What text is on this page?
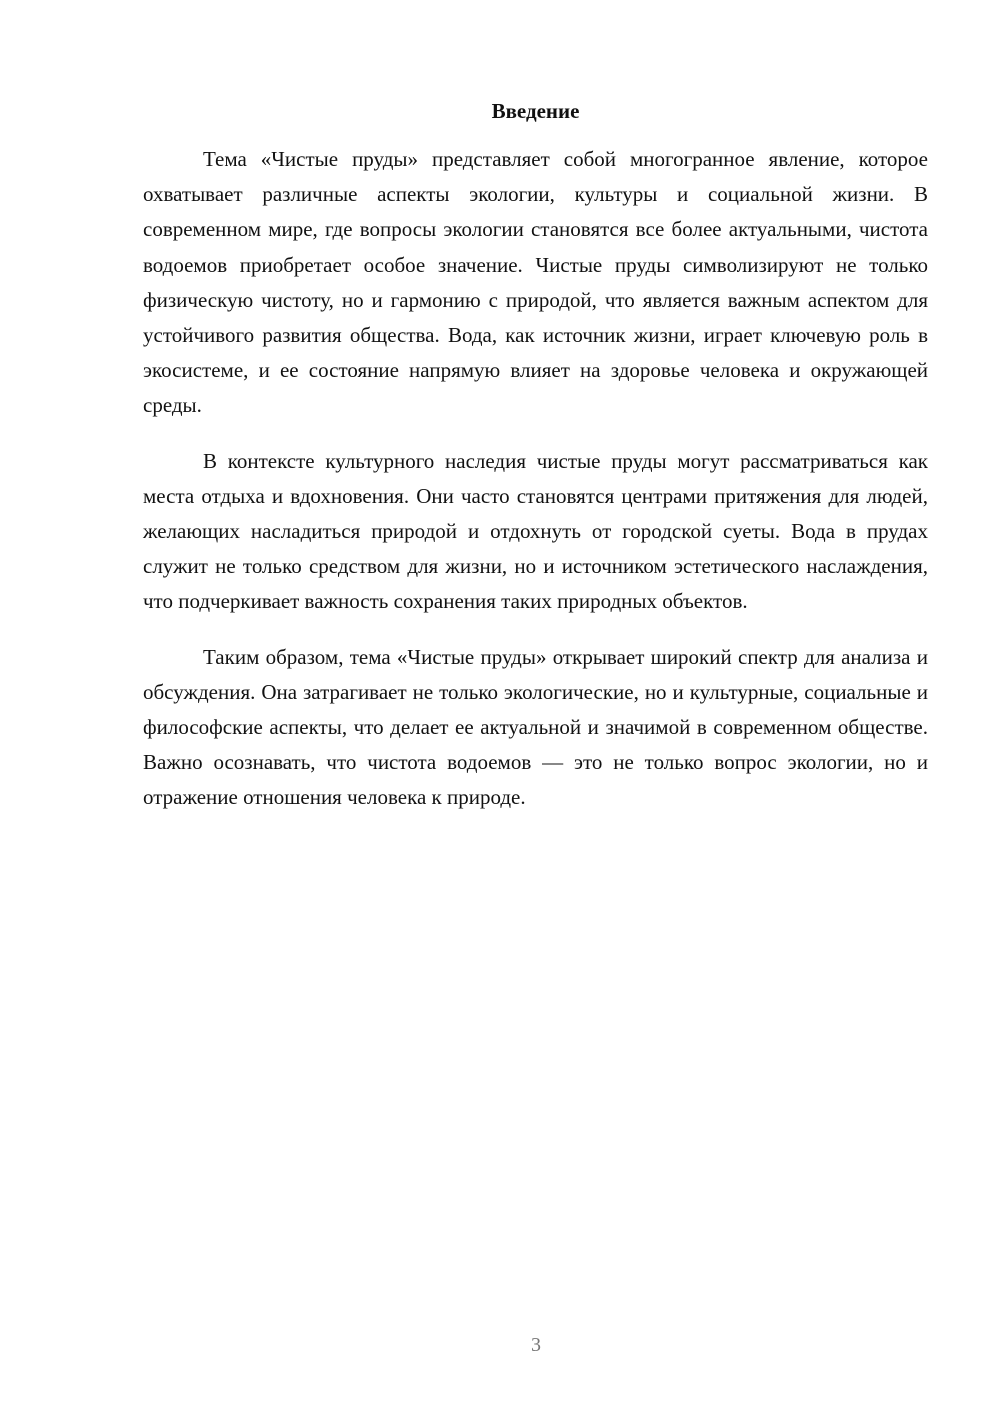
Введение

Тема «Чистые пруды» представляет собой многогранное явление, которое охватывает различные аспекты экологии, культуры и социальной жизни. В современном мире, где вопросы экологии становятся все более актуальными, чистота водоемов приобретает особое значение. Чистые пруды символизируют не только физическую чистоту, но и гармонию с природой, что является важным аспектом для устойчивого развития общества. Вода, как источник жизни, играет ключевую роль в экосистеме, и ее состояние напрямую влияет на здоровье человека и окружающей среды.

В контексте культурного наследия чистые пруды могут рассматриваться как места отдыха и вдохновения. Они часто становятся центрами притяжения для людей, желающих насладиться природой и отдохнуть от городской суеты. Вода в прудах служит не только средством для жизни, но и источником эстетического наслаждения, что подчеркивает важность сохранения таких природных объектов.

Таким образом, тема «Чистые пруды» открывает широкий спектр для анализа и обсуждения. Она затрагивает не только экологические, но и культурные, социальные и философские аспекты, что делает ее актуальной и значимой в современном обществе. Важно осознавать, что чистота водоемов — это не только вопрос экологии, но и отражение отношения человека к природе.

3
